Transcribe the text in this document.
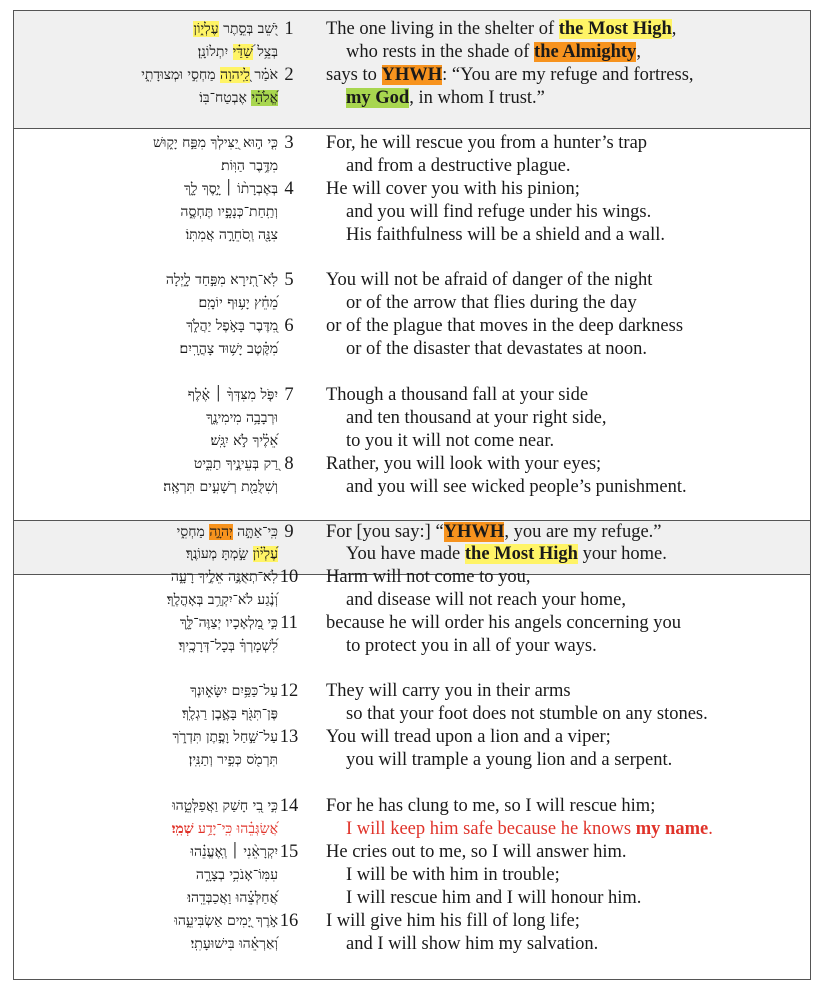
יֹ֭שֵׁב בְּסֵ֣תֶר עֶלְי֑וֹן	1	The one living in the shelter of the Most High,
בְּצֵ֥ל שַׁ֝דַּ֗י יִתְלוֹנָֽן׃	who rests in the shade of the Almighty,
אֹמַ֗ר לַֽ֭יהוָה מַחְסִ֣י וּמְצוּדָתִ֑י	2	says to YHWH: “You are my refuge and fortress,
אֱ֝לֹהַ֗י אֶבְטַח־בּֽוֹ׃	my God, in whom I trust.”
כִּ֤י ה֣וּא יַ֭צִּילְךָ מִפַּ֣ח יָק֑וּשׁ 3	For, he will rescue you from a hunter’s trap
מִדֶּ֥בֶר הַוּֽוֹת׃	and from a destructive plague.
בְּאֶבְרָת֨וֹ ׀ יָ֣סֶךְ לָ֑ךְ 4	He will cover you with his pinion;
וְתַֽחַת־כְּנָפָ֣יו תֶּחְסֶ֑ה	and you will find refuge under his wings.
צִנָּ֖ה וְֽסֹחֵרָ֣ה אֲמִתּֽוֹ׃	His faithfulness will be a shield and a wall.
לֹֽא־תִ֭ירָא מִפַּ֣חַד לָ֑יְלָה 5	You will not be afraid of danger of the night
מֵ֝חֵ֗ץ יָע֥וּף יוֹמָֽם׃	or of the arrow that flies during the day
מִ֭דֶּבֶר בָּאֹ֣פֶל יַהֲלֹ֑ךְ 6	or of the plague that moves in the deep darkness
מִ֝קֶּ֗טֶב יָשׁ֥וּד צָהֳרָֽיִם׃	or of the disaster that devastates at noon.
יִפֹּ֤ל מִצִּדְּךָ֨ ׀ אֶ֗לֶף 7	Though a thousand fall at your side
וּרְבָבָ֥ה מִימִינֶ֑ךָ	and ten thousand at your right side,
אֵ֝לֶ֗יךָ לֹ֣א יִגָּֽשׁ׃	to you it will not come near.
רַ֭ק בְּעֵינֶ֣יךָ תַבִּ֑יט 8	Rather, you will look with your eyes;
וְשִׁלֻּמַ֖ת רְשָׁעִ֣ים תִּרְאֶֽה׃	and you will see wicked people’s punishment.
כִּֽי־אַתָּ֣ה יְהוָ֣ה מַחְסִ֑י	9	For [you say:] “YHWH, you are my refuge.”
עֶ֝לְי֗וֹן שַׂ֣מְתָּ מְעוֹנֶֽךָ׃	You have made the Most High your home.
לֹֽא־תְאֻנֶּ֣ה אֵלֶ֣יךָ רָעָ֑ה 10	Harm will not come to you,
וְ֝נֶ֗גַע לֹא־יִקְרַ֥ב בְּאָהֳלֶֽךָ׃	and disease will not reach your home,
כִּ֣י מַ֭לְאָכָיו יְצַוֶּה־לָּ֑ךְ 11	because he will order his angels concerning you
לִ֝שְׁמָרְךָ֗ בְּכָל־דְּרָכֶֽיךָ׃	to protect you in all of your ways.
עַל־כַּפַּ֥יִם יִשָּׂא֑וּנְךָ 12	They will carry you in their arms
פֶּן־תִּגֹּ֖ף בָּאֶ֣בֶן רַגְלֶֽךָ׃	so that your foot does not stumble on any stones.
עַל־שַׁ֣חַל וָפֶ֣תֶן תִּדְרֹ֑ךְ 13	You will tread upon a lion and a viper;
תִּרְמֹ֖ס כְּפִ֣יר וְתַנִּֽין׃	you will trample a young lion and a serpent.
כִּ֣י בִ֭י חָשַׁק וַאֲפַלְּטֵ֑הוּ 14	For he has clung to me, so I will rescue him;
אֲ֝שַׂגְּבֵ֗הוּ כִּֽי־יָדַ֥ע שְׁמִֽי׃	I will keep him safe because he knows my name.
יִקְרָאֵ֨נִי ׀ וְֽאֶעֱנֵ֗הוּ 15	He cries out to me, so I will answer him.
עִמּֽוֹ־אָנֹכִ֥י בְצָרָ֑ה	I will be with him in trouble;
אֲ֝חַלְּצֵ֗הוּ וַאֲכַבְּדֵֽהוּ׃	I will rescue him and I will honour him.
אֹ֣רֶךְ יָ֭מִים אַשְׂבִּיעֵ֑הוּ 16	I will give him his fill of long life;
וְ֝אַרְאֵ֗הוּ בִּישׁוּעָתִֽי׃	and I will show him my salvation.
